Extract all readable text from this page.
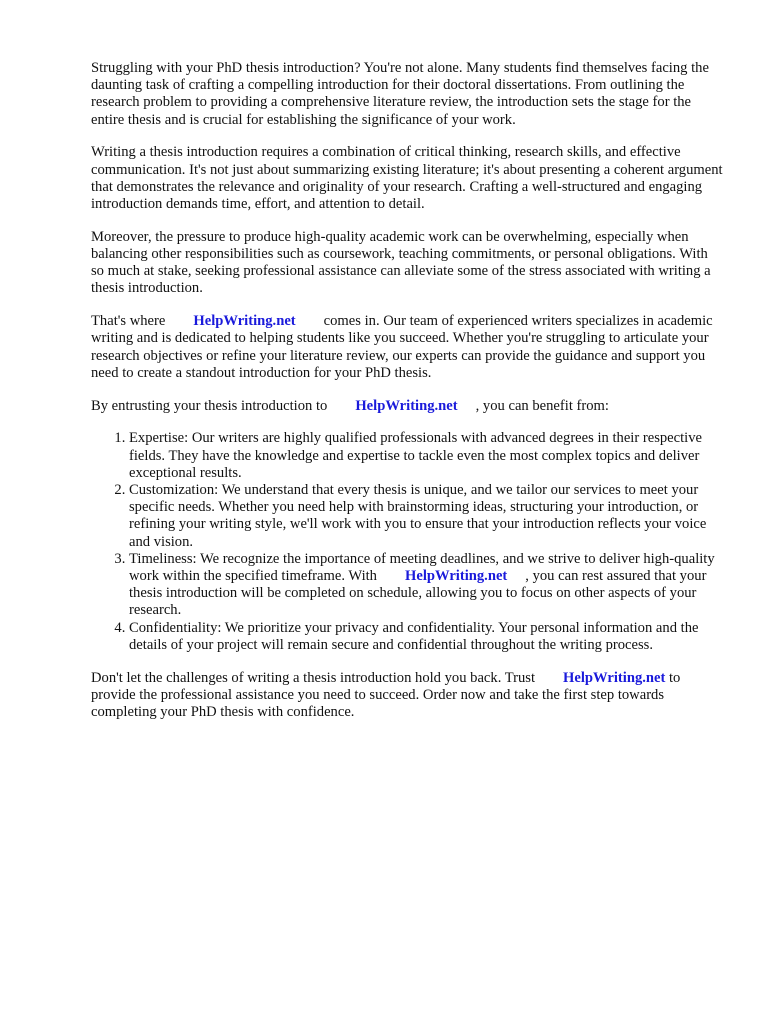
Struggling with your PhD thesis introduction? You're not alone. Many students find themselves facing the daunting task of crafting a compelling introduction for their doctoral dissertations. From outlining the research problem to providing a comprehensive literature review, the introduction sets the stage for the entire thesis and is crucial for establishing the significance of your work.

Writing a thesis introduction requires a combination of critical thinking, research skills, and effective communication. It's not just about summarizing existing literature; it's about presenting a coherent argument that demonstrates the relevance and originality of your research. Crafting a well-structured and engaging introduction demands time, effort, and attention to detail.

Moreover, the pressure to produce high-quality academic work can be overwhelming, especially when balancing other responsibilities such as coursework, teaching commitments, or personal obligations. With so much at stake, seeking professional assistance can alleviate some of the stress associated with writing a thesis introduction.

That's where HelpWriting.net comes in. Our team of experienced writers specializes in academic writing and is dedicated to helping students like you succeed. Whether you're struggling to articulate your research objectives or refine your literature review, our experts can provide the guidance and support you need to create a standout introduction for your PhD thesis.

By entrusting your thesis introduction to HelpWriting.net , you can benefit from:

1. Expertise: Our writers are highly qualified professionals with advanced degrees in their respective fields. They have the knowledge and expertise to tackle even the most complex topics and deliver exceptional results.
2. Customization: We understand that every thesis is unique, and we tailor our services to meet your specific needs. Whether you need help with brainstorming ideas, structuring your introduction, or refining your writing style, we'll work with you to ensure that your introduction reflects your voice and vision.
3. Timeliness: We recognize the importance of meeting deadlines, and we strive to deliver high-quality work within the specified timeframe. With HelpWriting.net , you can rest assured that your thesis introduction will be completed on schedule, allowing you to focus on other aspects of your research.
4. Confidentiality: We prioritize your privacy and confidentiality. Your personal information and the details of your project will remain secure and confidential throughout the writing process.

Don't let the challenges of writing a thesis introduction hold you back. Trust HelpWriting.net to provide the professional assistance you need to succeed. Order now and take the first step towards completing your PhD thesis with confidence.
